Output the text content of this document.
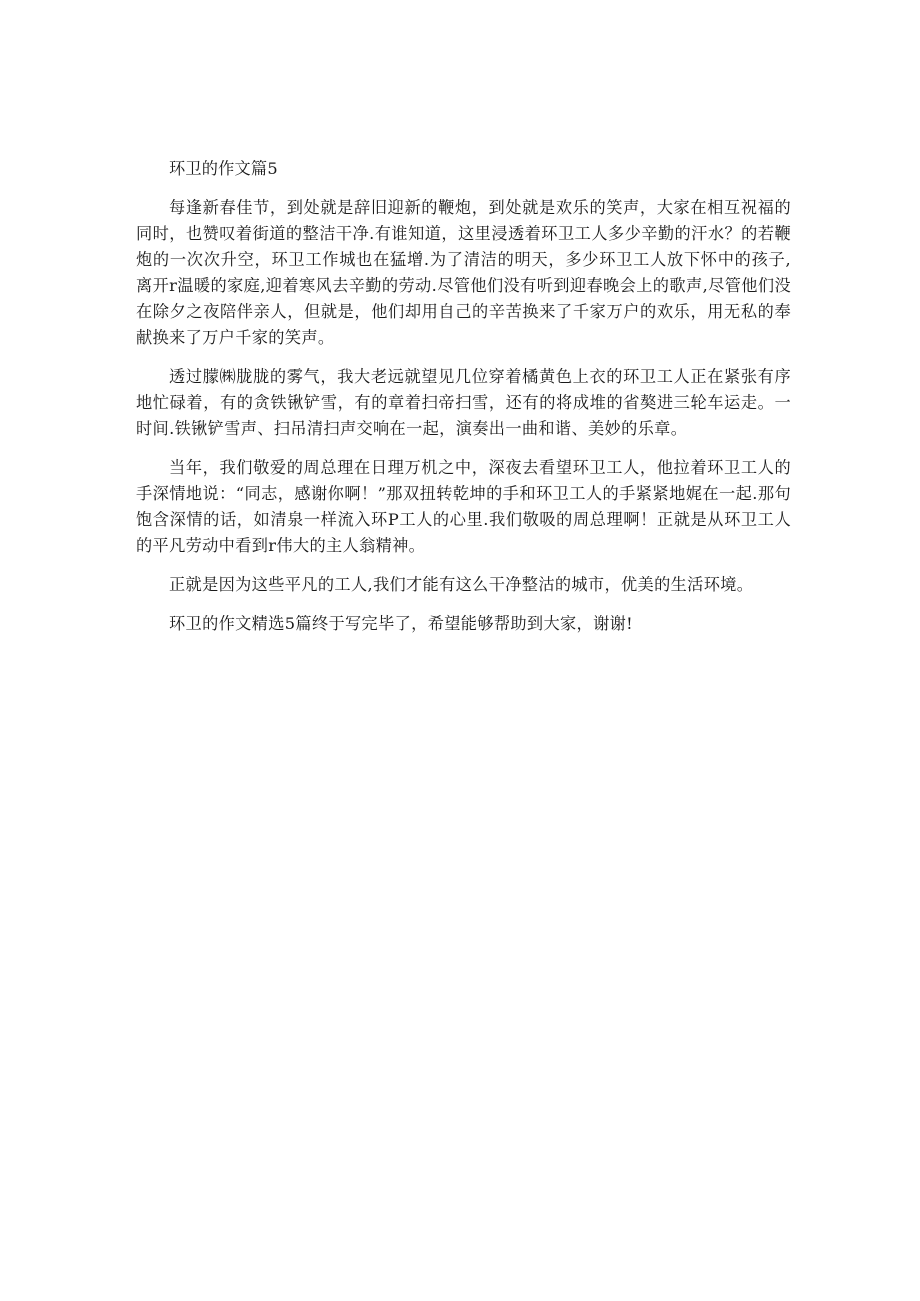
环卫的作文篇5

每逢新春佳节，到处就是辞旧迎新的鞭炮，到处就是欢乐的笑声，大家在相互祝福的同时，也赞叹着街道的整洁干净.有谁知道，这里浸透着环卫工人多少辛勤的汗水？的若鞭炮的一次次升空，环卫工作城也在猛增.为了清洁的明天，多少环卫工人放下怀中的孩子,离开r温暖的家庭,迎着寒风去辛勤的劳动.尽管他们没有听到迎春晚会上的歌声,尽管他们没在除夕之夜陪伴亲人，但就是，他们却用自己的辛苦换来了千家万户的欢乐，用无私的奉献换来了万户千家的笑声。

透过朦㈱胧胧的雾气，我大老远就望见几位穿着橘黄色上衣的环卫工人正在紧张有序地忙碌着，有的贪铁锹铲雪，有的章着扫帝扫雪，还有的将成堆的省獒进三轮车运走。一时间.铁锹铲雪声、扫吊清扫声交响在一起，演奏出一曲和谐、美妙的乐章。

当年，我们敬爱的周总理在日理万机之中，深夜去看望环卫工人，他拉着环卫工人的手深情地说：“同志，感谢你啊！”那双扭转乾坤的手和环卫工人的手紧紧地娓在一起.那句饱含深情的话，如清泉一样流入环P工人的心里.我们敬吸的周总理啊！正就是从环卫工人的平凡劳动中看到r伟大的主人翁精神。

正就是因为这些平凡的工人,我们才能有这么干净整沽的城市，优美的生活环境。

环卫的作文精选5篇终于写完毕了，希望能够帮助到大家，谢谢!
